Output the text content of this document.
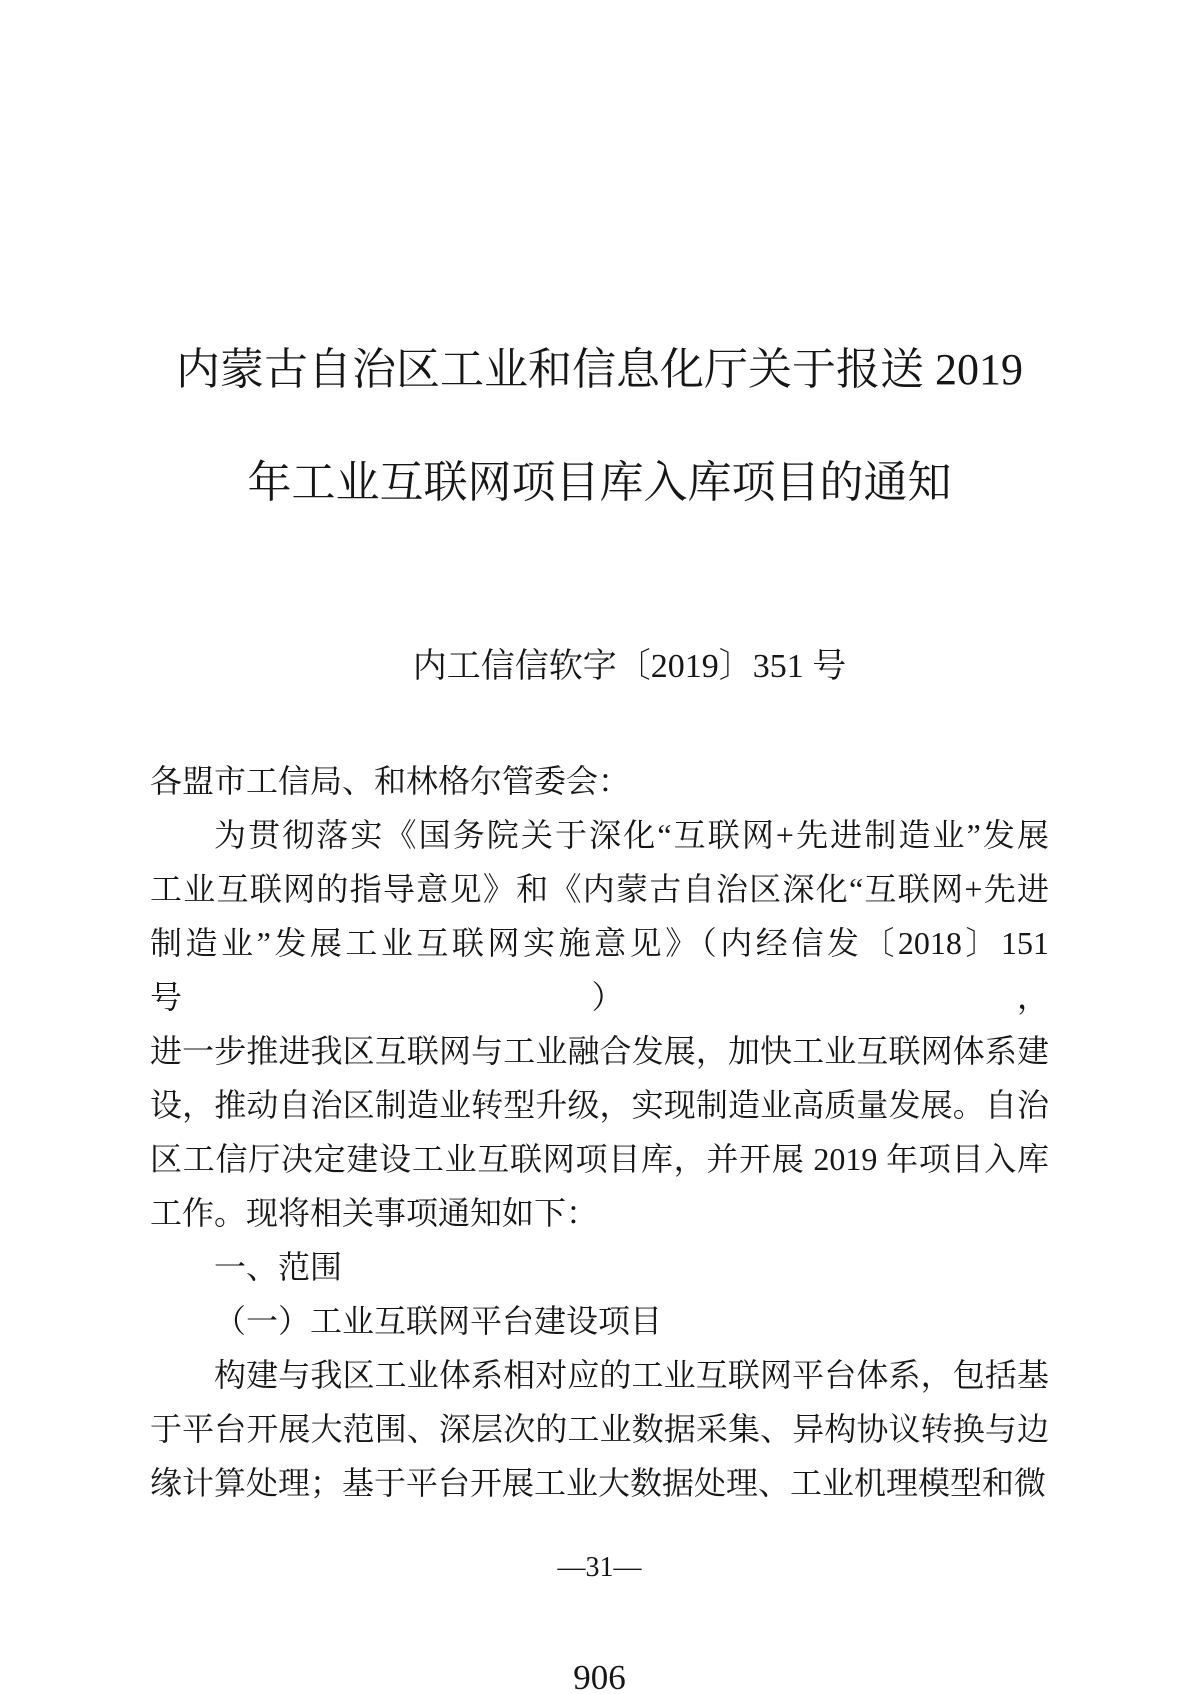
内蒙古自治区工业和信息化厅关于报送 2019
年工业互联网项目库入库项目的通知
内工信信软字〔2019〕351 号
各盟市工信局、和林格尔管委会：
为贯彻落实《国务院关于深化“互联网+先进制造业”发展
工业互联网的指导意见》和《内蒙古自治区深化“互联网+先进
制造业”发展工业互联网实施意见》（内经信发〔2018〕151 号），
进一步推进我区互联网与工业融合发展，加快工业互联网体系建
设，推动自治区制造业转型升级，实现制造业高质量发展。自治
区工信厅决定建设工业互联网项目库，并开展 2019 年项目入库
工作。现将相关事项通知如下：
一、范围
（一）工业互联网平台建设项目
构建与我区工业体系相对应的工业互联网平台体系，包括基
于平台开展大范围、深层次的工业数据采集、异构协议转换与边
缘计算处理；基于平台开展工业大数据处理、工业机理模型和微
—31—
906
